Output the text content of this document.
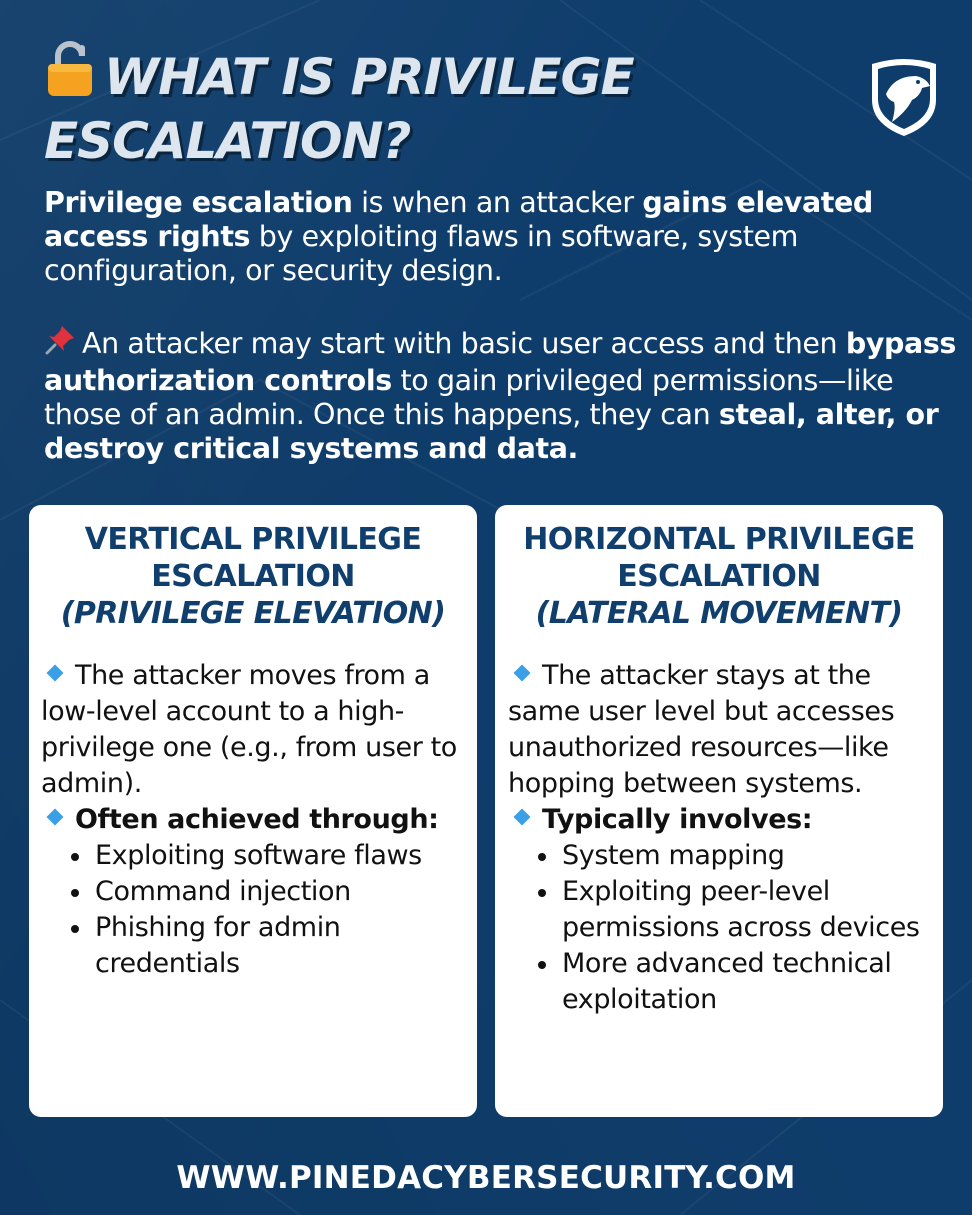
WHAT IS PRIVILEGE ESCALATION?

Privilege escalation is when an attacker gains elevated access rights by exploiting flaws in software, system configuration, or security design.

An attacker may start with basic user access and then bypass authorization controls to gain privileged permissions—like those of an admin. Once this happens, they can steal, alter, or destroy critical systems and data.

VERTICAL PRIVILEGE ESCALATION
(PRIVILEGE ELEVATION)
The attacker moves from a low-level account to a high-privilege one (e.g., from user to admin).
Often achieved through:
Exploiting software flaws
Command injection
Phishing for admin credentials
HORIZONTAL PRIVILEGE ESCALATION
(LATERAL MOVEMENT)
The attacker stays at the same user level but accesses unauthorized resources—like hopping between systems.
Typically involves:
System mapping
Exploiting peer-level permissions across devices
More advanced technical exploitation
WWW.PINEDACYBERSECURITY.COM
